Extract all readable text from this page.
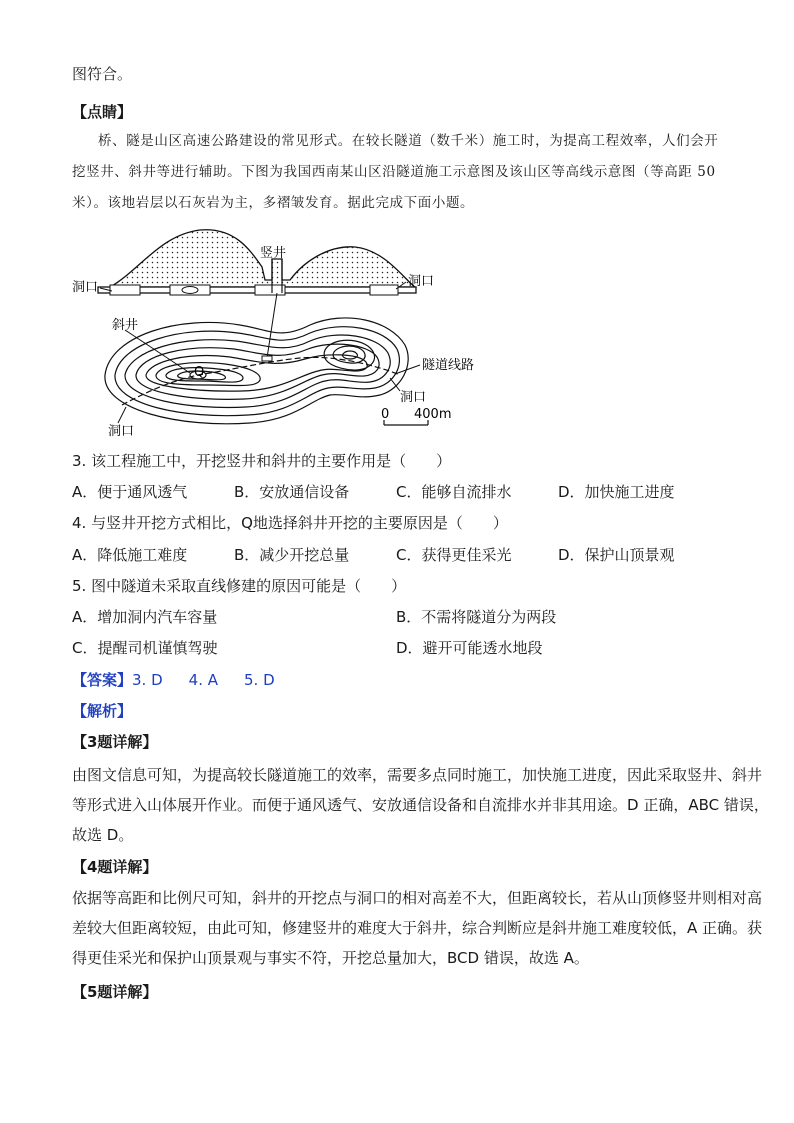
图符合。
【点睛】
桥、隧是山区高速公路建设的常见形式。在较长隧道（数千米）施工时，为提高工程效率，人们会开
挖竖井、斜井等进行辅助。下图为我国西南某山区沿隧道施工示意图及该山区等高线示意图（等高距 50
米）。该地岩层以石灰岩为主，多褶皱发育。据此完成下面小题。
竖井
洞口	洞口
斜井
Q	隧道线路
洞口
洞口
0 400m
3. 该工程施工中，开挖竖井和斜井的主要作用是（　　）
A．便于通风透气	B．安放通信设备	C．能够自流排水	D．加快施工进度
4. 与竖井开挖方式相比，Q地选择斜井开挖的主要原因是（　　）
A．降低施工难度	B．减少开挖总量	C．获得更佳采光	D．保护山顶景观
5. 图中隧道未采取直线修建的原因可能是（　　）
A．增加洞内汽车容量	B．不需将隧道分为两段
C．提醒司机谨慎驾驶	D．避开可能透水地段
【答案】3. D 4. A 5. D
【解析】
【3题详解】
由图文信息可知，为提高较长隧道施工的效率，需要多点同时施工，加快施工进度，因此采取竖井、斜井
等形式进入山体展开作业。而便于通风透气、安放通信设备和自流排水并非其用途。D 正确，ABC 错误，
故选 D。
【4题详解】
依据等高距和比例尺可知，斜井的开挖点与洞口的相对高差不大，但距离较长，若从山顶修竖井则相对高
差较大但距离较短，由此可知，修建竖井的难度大于斜井，综合判断应是斜井施工难度较低，A 正确。获
得更佳采光和保护山顶景观与事实不符，开挖总量加大，BCD 错误，故选 A。
【5题详解】
